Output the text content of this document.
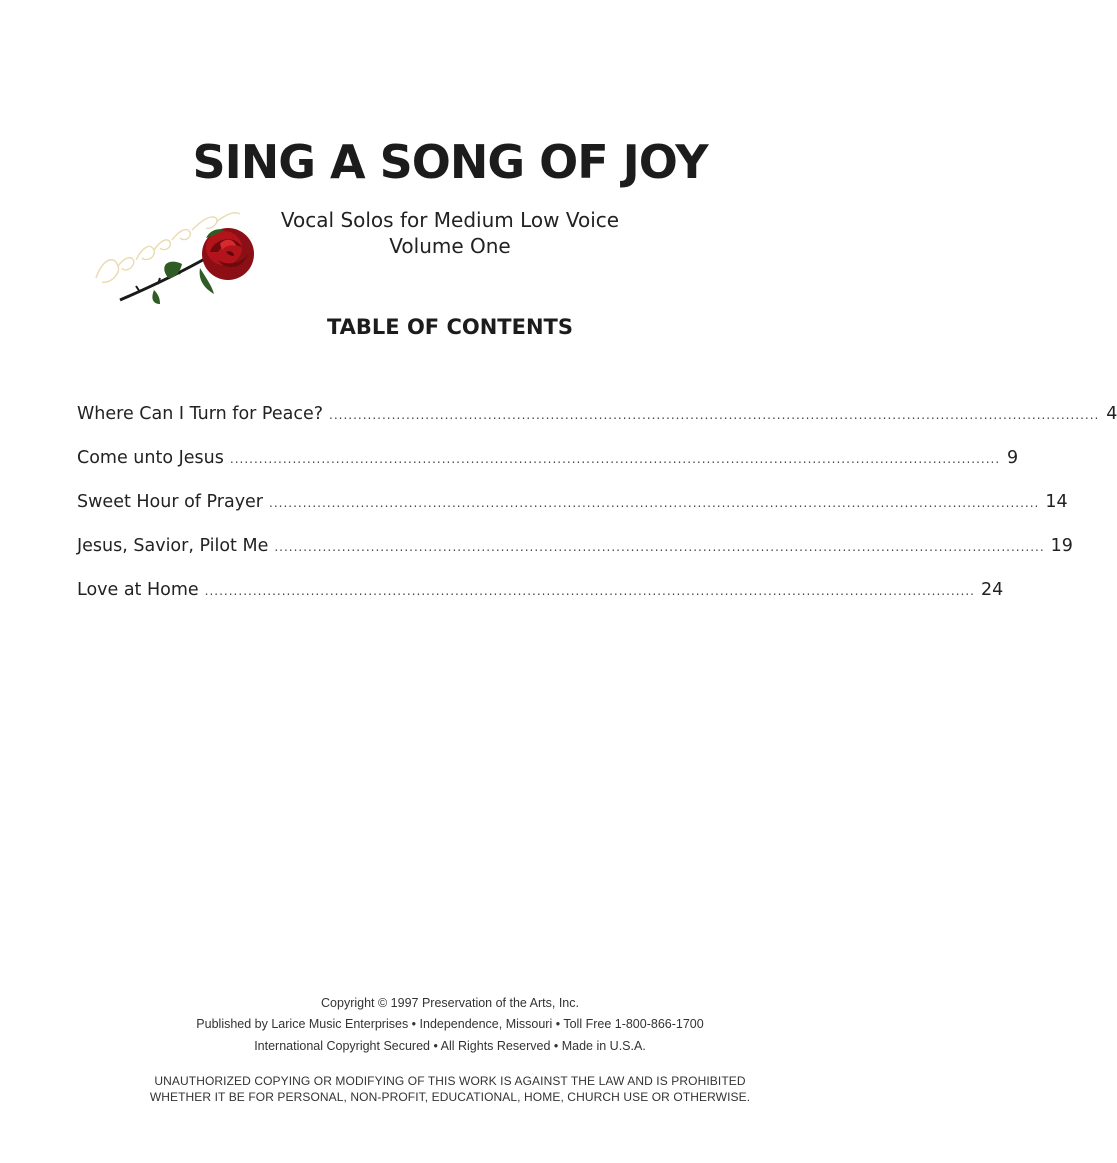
SING A SONG OF JOY
Vocal Solos for Medium Low Voice
Volume One
TABLE OF CONTENTS
Where Can I Turn for Peace? ................................................................................................................................................................ 4
Come unto Jesus ................................................................................................................................................................ 9
Sweet Hour of Prayer ................................................................................................................................................................ 14
Jesus, Savior, Pilot Me ................................................................................................................................................................ 19
Love at Home ................................................................................................................................................................ 24
Copyright © 1997 Preservation of the Arts, Inc.
Published by Larice Music Enterprises • Independence, Missouri • Toll Free 1-800-866-1700
International Copyright Secured • All Rights Reserved • Made in U.S.A.
UNAUTHORIZED COPYING OR MODIFYING OF THIS WORK IS AGAINST THE LAW AND IS PROHIBITED
WHETHER IT BE FOR PERSONAL, NON-PROFIT, EDUCATIONAL, HOME, CHURCH USE OR OTHERWISE.
